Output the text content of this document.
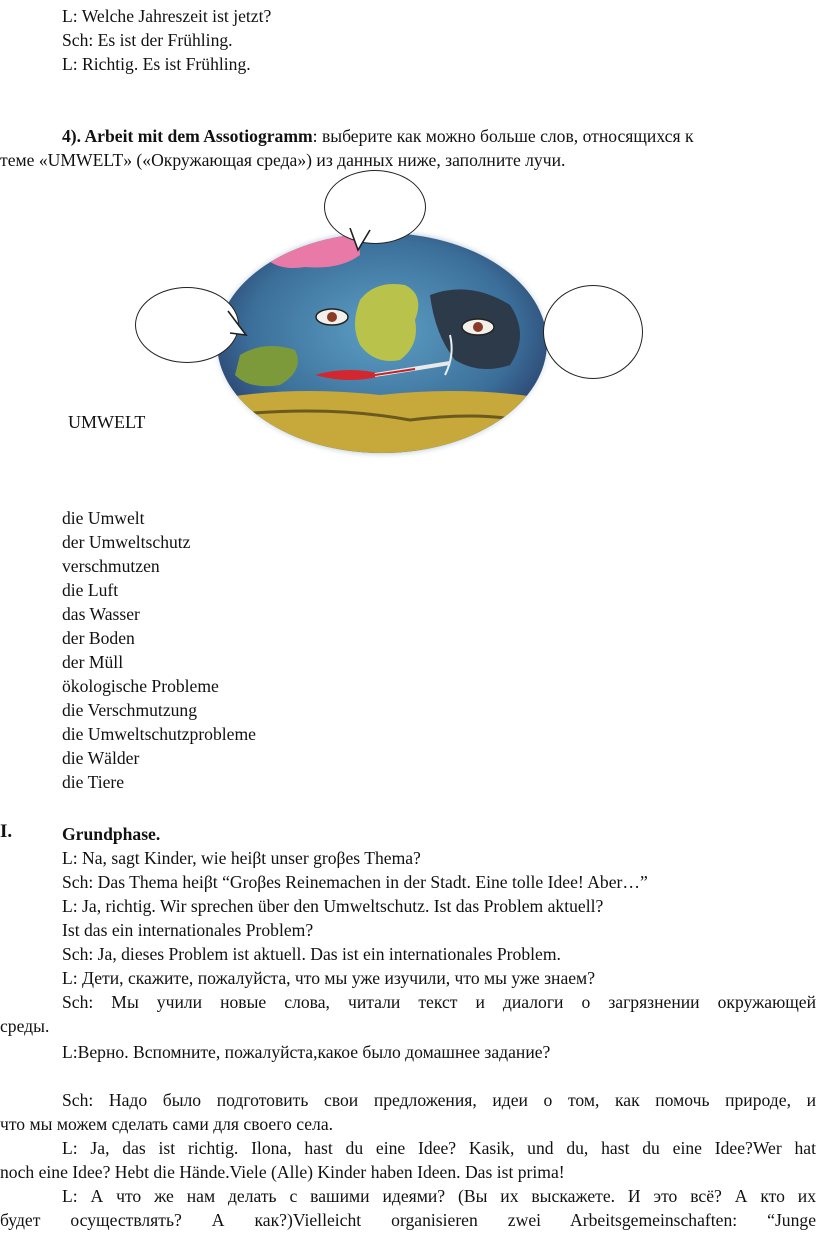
L: Welche Jahreszeit ist jetzt?
Sch: Es ist der Frühling.
L: Richtig. Es ist Frühling.
4). Arbeit mit dem Assotiogramm: выберите как можно больше слов, относящихся к
теме «UMWELT» («Окружающая среда») из данных ниже, заполните лучи.
UMWELT
die Umwelt
der Umweltschutz
verschmutzen
die Luft
das Wasser
der Boden
der Müll
ökologische Probleme
die Verschmutzung
die Umweltschutzprobleme
die Wälder
die Tiere
I.	Grundphase.
L: Na, sagt Kinder, wie heiβt unser groβes Thema?
Sch: Das Thema heiβt “Groβes Reinemachen in der Stadt. Eine tolle Idee! Aber…”
L: Ja, richtig. Wir sprechen über den Umweltschutz. Ist das Problem aktuell?
Ist das ein internationales Problem?
Sch: Ja, dieses Problem ist aktuell. Das ist ein internationales Problem.
L: Дети, скажите, пожалуйста, что мы уже изучили, что мы уже знаем?
Sch: Мы учили новые слова, читали текст и диалоги о загрязнении окружающей
среды.
L:Верно. Вспомните, пожалуйста,какое было домашнее задание?
Sch: Надо было подготовить свои предложения, идеи о том, как помочь природе, и
что мы можем сделать сами для своего села.
L: Ja, das ist richtig. Ilona, hast du eine Idee? Kasik, und du, hast du eine Idee?Wer hat
noch eine Idee? Hebt die Hände.Viele (Alle) Kinder haben Ideen. Das ist prima!
L: А что же нам делать с вашими идеями? (Вы их выскажете. И это всё? А кто их
будет осуществлять? А как?)Vielleicht organisieren zwei Arbeitsgemeinschaften: “Junge
